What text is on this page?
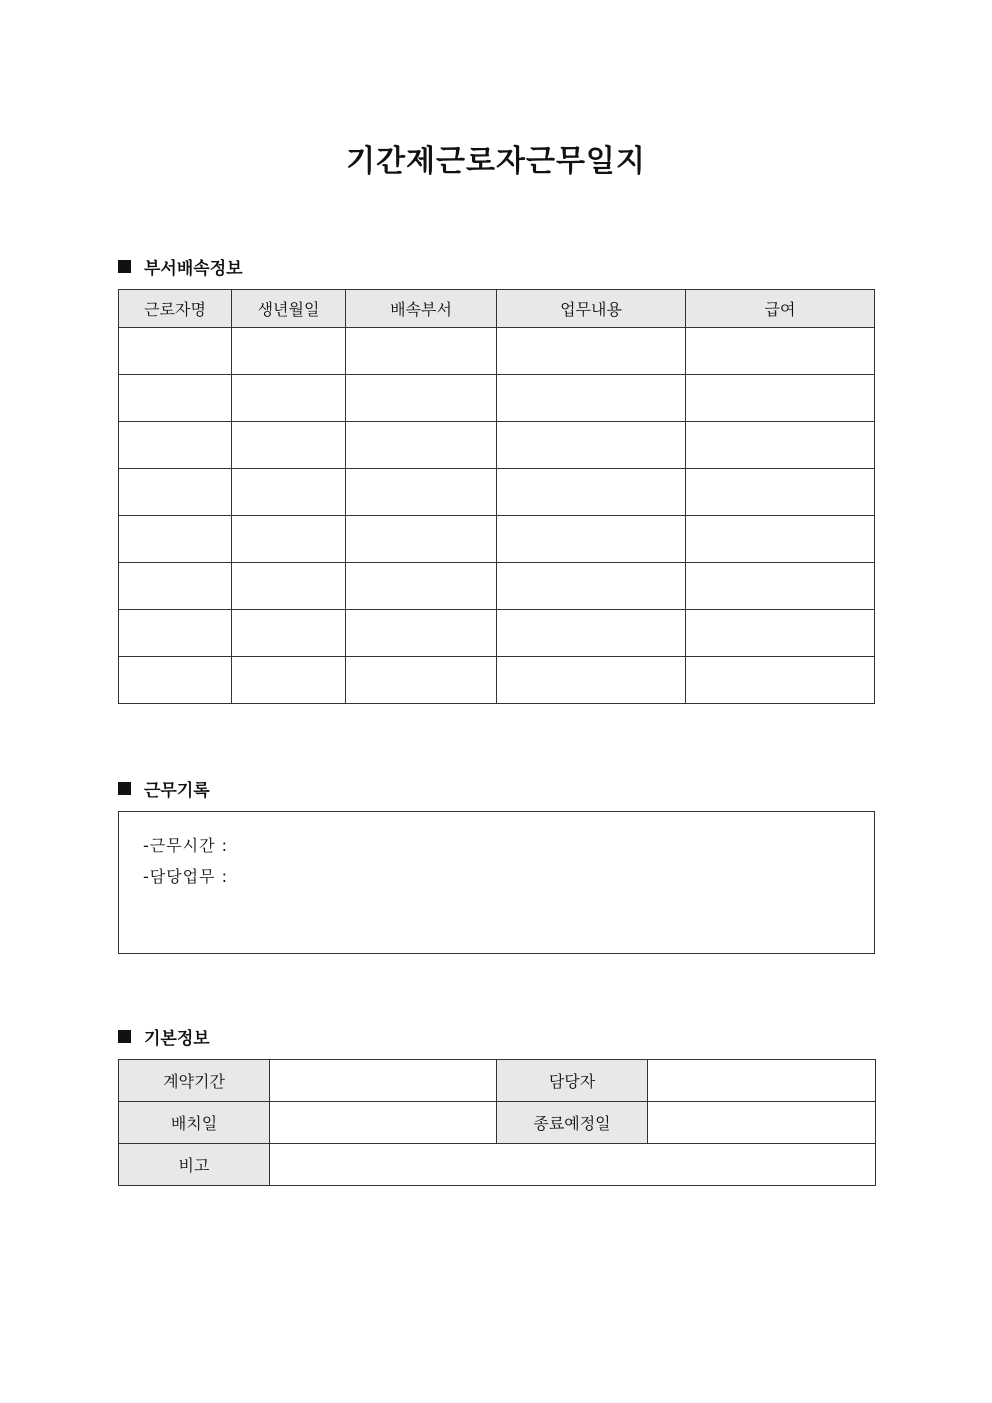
기간제근로자근무일지
부서배속정보
근로자명	생년월일	배속부서	업무내용	급여

근무기록
-근무시간 :
-담당업무 :
기본정보
계약기간		담당자	
배치일		종료예정일	
비고			
